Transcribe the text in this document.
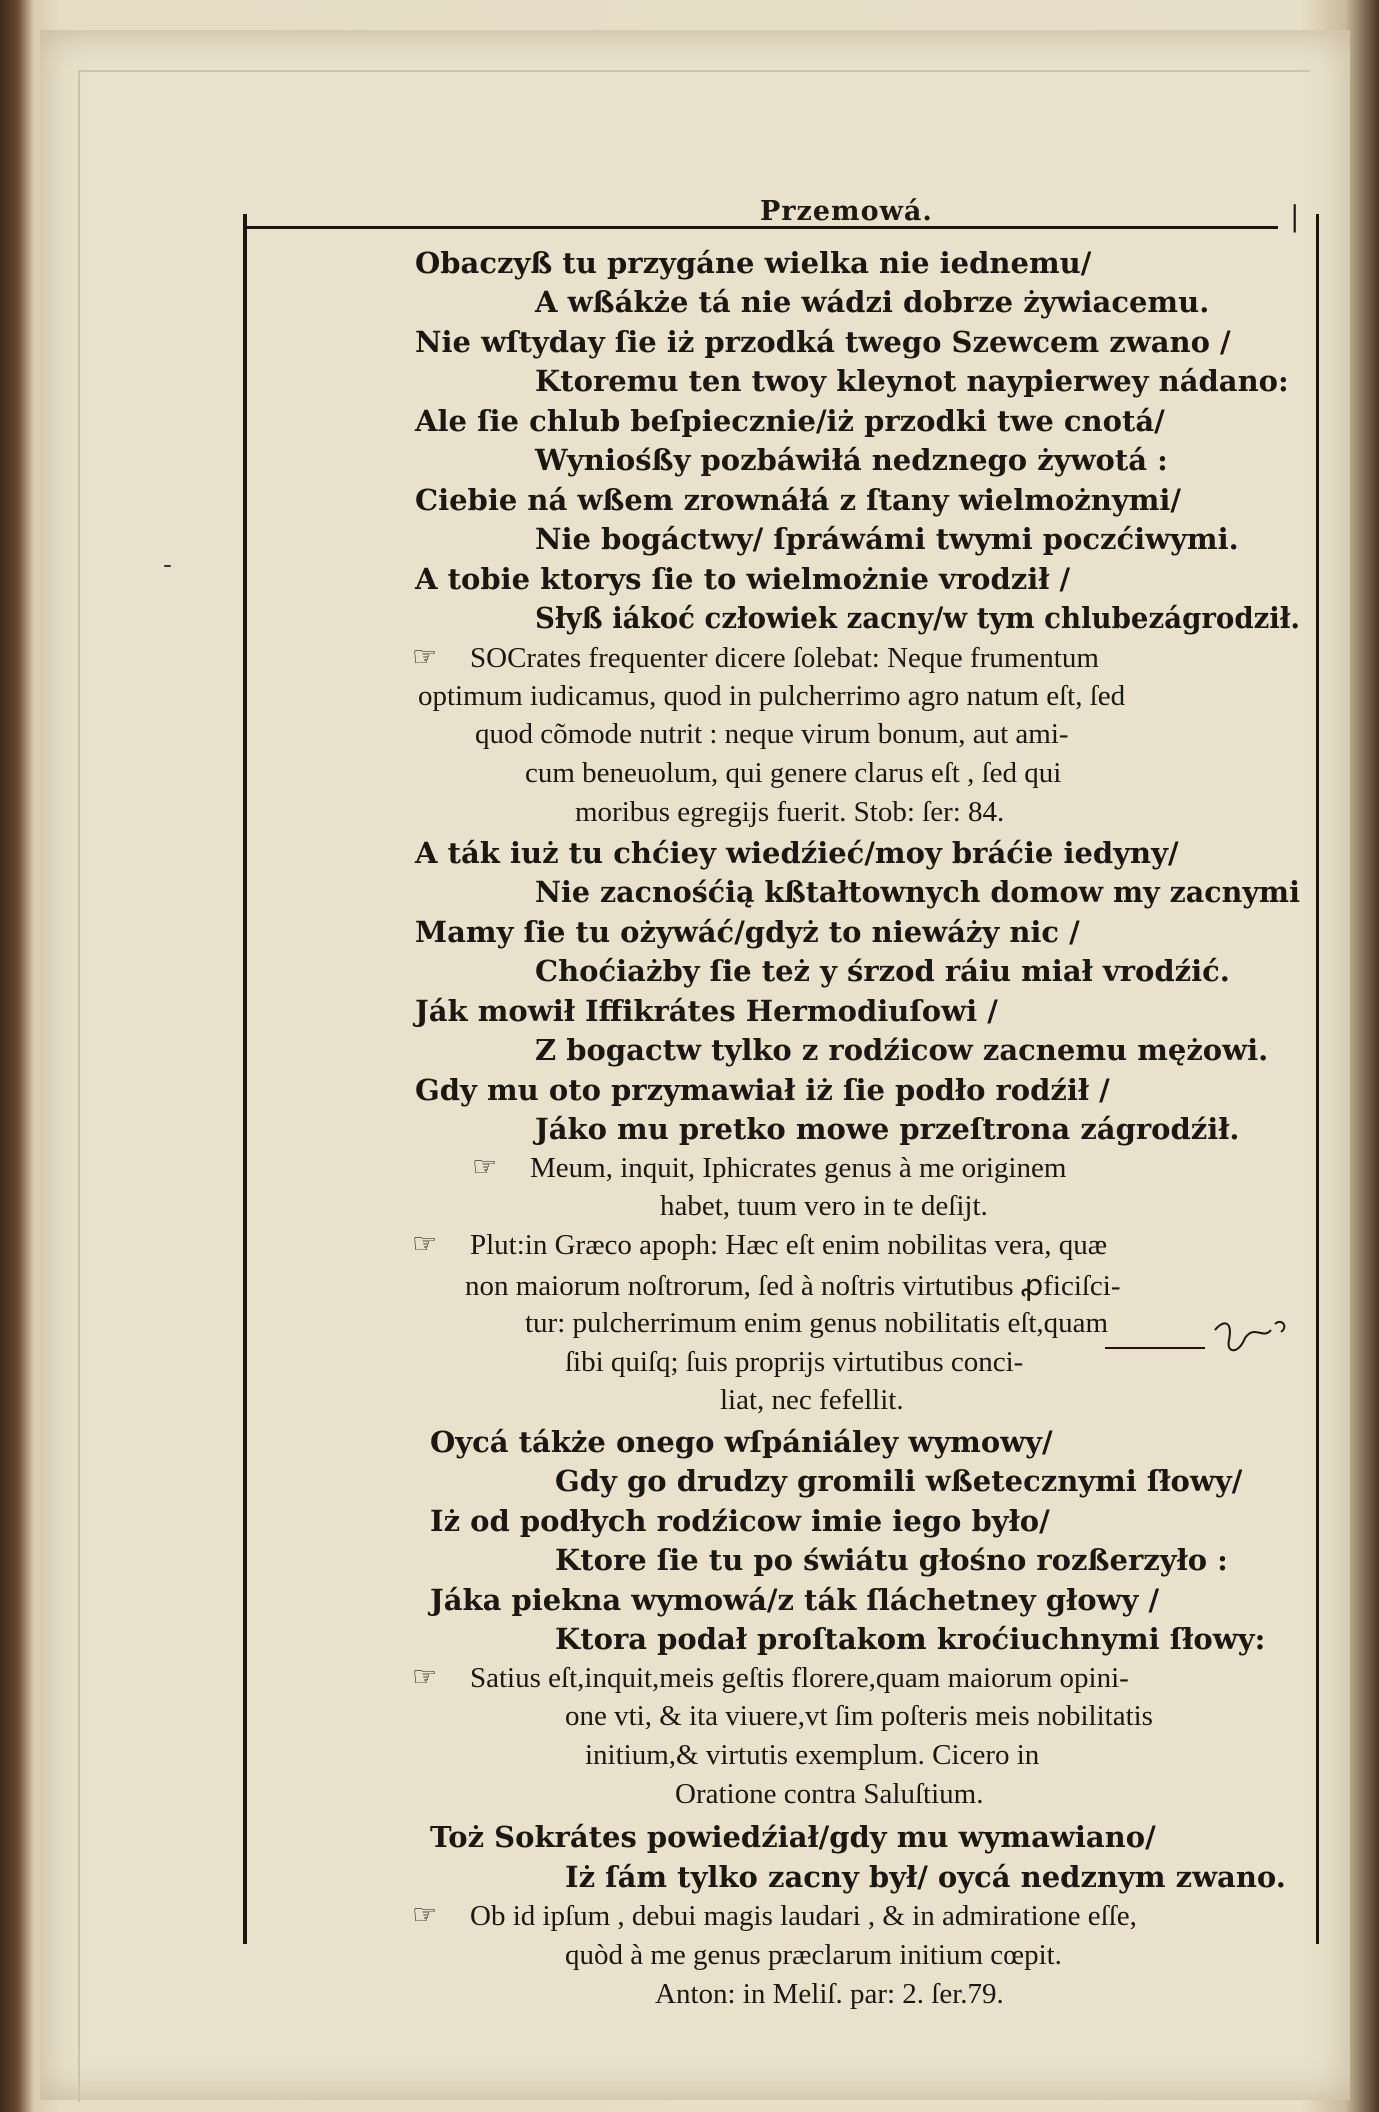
Przemowá.	|
-
Obaczyß tu przygáne wielka nie iednemu/
A wßákże tá nie wádzi dobrze żywiacemu.
Nie wſtyday ſie iż przodká twego Szewcem zwano /
Ktoremu ten twoy kleynot naypierwey nádano:
Ale ſie chlub beſpiecznie/iż przodki twe cnotá/
Wyniośßy pozbáwiłá nedznego żywotá :
Ciebie ná wßem zrownáłá z ſtany wielmożnymi/
Nie bogáctwy/ ſpráwámi twymi poczćiwymi.
A tobie ktorys ſie to wielmożnie vrodził /
Słyß iákoć człowiek zacny/w tym chlubezágrodził.
☞ SOCrates frequenter dicere ſolebat: Neque frumentum
optimum iudicamus, quod in pulcherrimo agro natum eſt, ſed
quod cõmode nutrit : neque virum bonum, aut ami-
cum beneuolum, qui genere clarus eſt , ſed qui
moribus egregijs fuerit. Stob: ſer: 84.
A ták iuż tu chćiey wiedźieć/moy bráćie iedyny/
Nie zacnośćią kßtałtownych domow my zacnymi
Mamy ſie tu ożywáć/gdyż to niewáży nic /
Choćiażby ſie też y śrzod ráiu miał vrodźić.
Ják mowił Iffikrátes Hermodiuſowi /
Z bogactw tylko z rodźicow zacnemu mężowi.
Gdy mu oto przymawiał iż ſie podło rodźił /
Jáko mu pretko mowe przeſtrona zágrodźił.
☞ Meum, inquit, Iphicrates genus à me originem
habet, tuum vero in te deſijt.
☞ Plut:in Græco apoph: Hæc eſt enim nobilitas vera, quæ
non maiorum noſtrorum, ſed à noſtris virtutibus ꝓficiſci-
tur: pulcherrimum enim genus nobilitatis eſt,quam
ſibi quiſq; ſuis proprijs virtutibus conci-
liat, nec fefellit.
Oycá tákże onego wſpániáley wymowy/
Gdy go drudzy gromili wßetecznymi ſłowy/
Iż od podłych rodźicow imie iego było/
Ktore ſie tu po świátu głośno rozßerzyło :
Jáka piekna wymowá/z ták ſláchetney głowy /
Ktora podał proſtakom kroćiuchnymi ſłowy:
☞ Satius eſt,inquit,meis geſtis florere,quam maiorum opini-
one vti, & ita viuere,vt ſim poſteris meis nobilitatis
initium,& virtutis exemplum. Cicero in
Oratione contra Saluſtium.
Toż Sokrátes powiedźiał/gdy mu wymawiano/
Iż ſám tylko zacny był/ oycá nedznym zwano.
☞ Ob id ipſum , debui magis laudari , & in admiratione eſſe,
quòd à me genus præclarum initium cœpit.
Anton: in Meliſ. par: 2. ſer.79.
